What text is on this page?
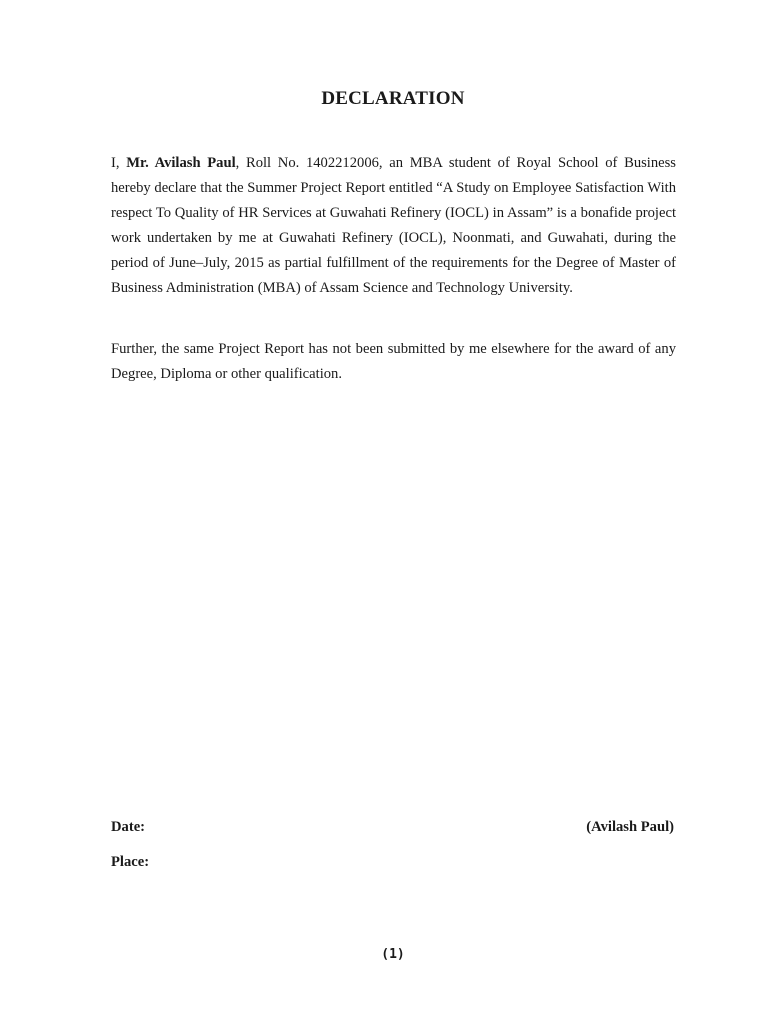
DECLARATION

I, Mr. Avilash Paul, Roll No. 1402212006, an MBA student of Royal School of Business hereby declare that the Summer Project Report entitled “A Study on Employee Satisfaction With respect To Quality of HR Services at Guwahati Refinery (IOCL) in Assam” is a bonafide project work undertaken by me at Guwahati Refinery (IOCL), Noonmati, and Guwahati, during the period of June–July, 2015 as partial fulfillment of the requirements for the Degree of Master of Business Administration (MBA) of Assam Science and Technology University.

Further, the same Project Report has not been submitted by me elsewhere for the award of any Degree, Diploma or other qualification.

Date:	(Avilash Paul)

Place:

(1)
